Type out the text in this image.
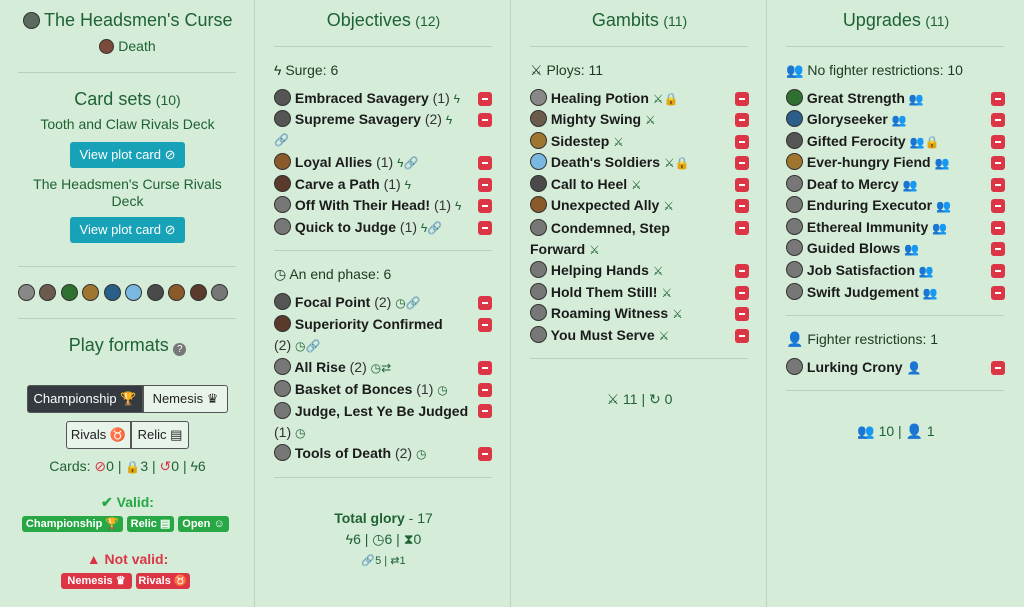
The Headsmen's Curse
Death
Card sets (10)
Tooth and Claw Rivals Deck
View plot card ⊘
The Headsmen's Curse Rivals Deck
View plot card ⊘

Play formats ?
Championship 🏆	Nemesis ♛
Rivals ♉ Relic ▤
Cards: ⊘0 | 🔒3 | ↺0 | ϟ6
✔ Valid:
Championship 🏆	Relic ▤	Open ☺
▲ Not valid:
Nemesis ♛	Rivals ♉
Objectives (12)
ϟ Surge: 6
Embraced Savagery (1) ϟ
Supreme Savagery (2) ϟ
🔗
Loyal Allies (1) ϟ🔗
Carve a Path (1) ϟ
Off With Their Head! (1) ϟ
Quick to Judge (1) ϟ🔗
◷ An end phase: 6
Focal Point (2) ◷🔗
Superiority Confirmed
(2) ◷🔗
All Rise (2) ◷⇄
Basket of Bonces (1) ◷
Judge, Lest Ye Be Judged (1) ◷
Tools of Death (2) ◷
Total glory - 17
ϟ6 | ◷6 | ⧗0
🔗5 | ⇄1
Gambits (11)
⚔ Ploys: 11
Healing Potion ⚔🔒
Mighty Swing ⚔
Sidestep ⚔
Death's Soldiers ⚔🔒
Call to Heel ⚔
Unexpected Ally ⚔
Condemned, Step Forward ⚔
Helping Hands ⚔
Hold Them Still! ⚔
Roaming Witness ⚔
You Must Serve ⚔
⚔ 11 | ↻ 0
Upgrades (11)
👥 No fighter restrictions: 10
Great Strength 👥
Gloryseeker 👥
Gifted Ferocity 👥🔒
Ever-hungry Fiend 👥
Deaf to Mercy 👥
Enduring Executor 👥
Ethereal Immunity 👥
Guided Blows 👥
Job Satisfaction 👥
Swift Judgement 👥
👤 Fighter restrictions: 1
Lurking Crony 👤
👥 10 | 👤 1
